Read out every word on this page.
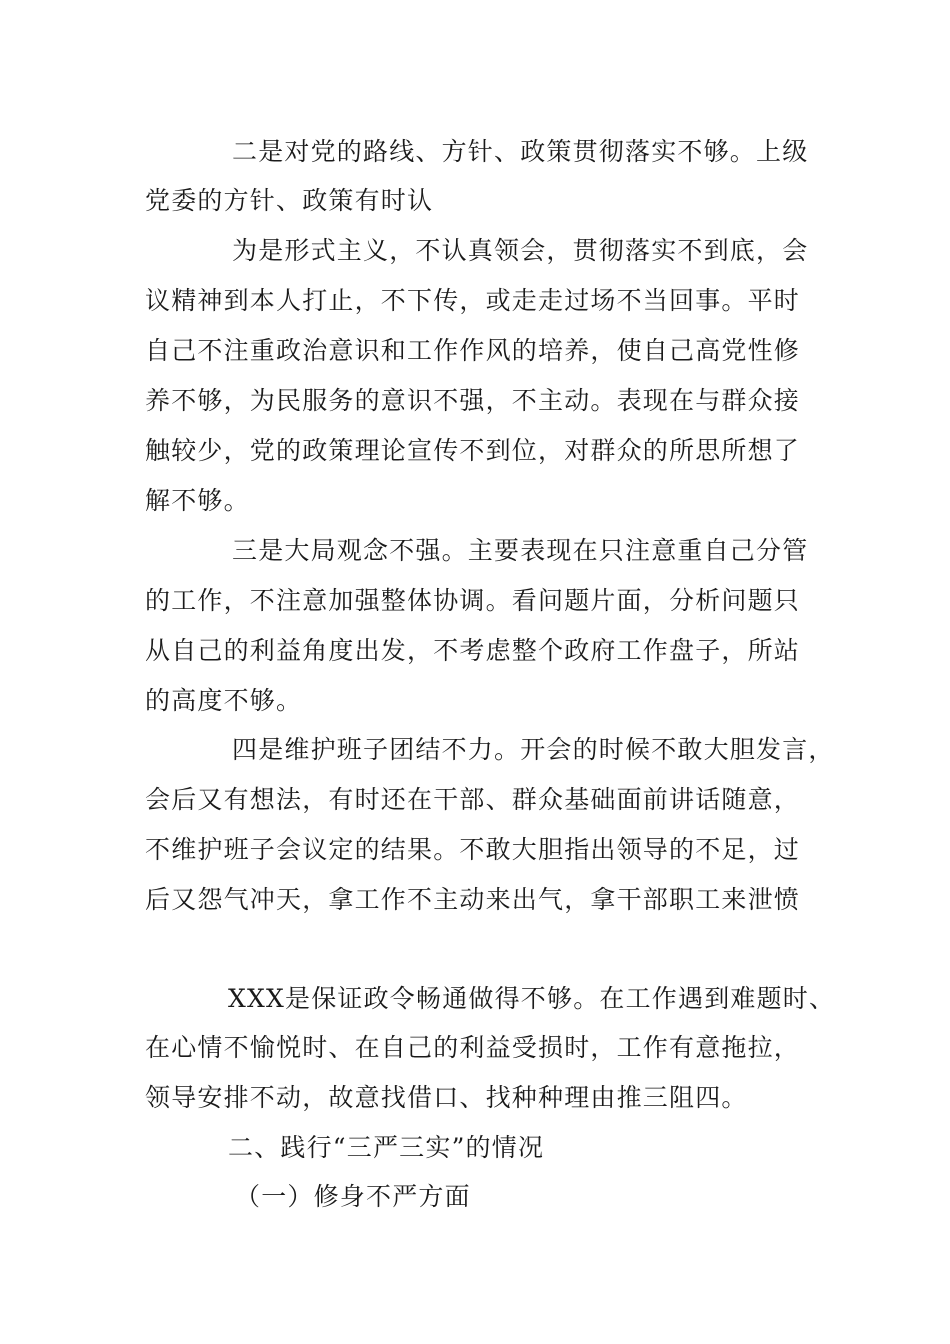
二是对党的路线、方针、政策贯彻落实不够。上级
党委的方针、政策有时认
为是形式主义，不认真领会，贯彻落实不到底，会
议精神到本人打止，不下传，或走走过场不当回事。平时
自己不注重政治意识和工作作风的培养，使自己高党性修
养不够，为民服务的意识不强，不主动。表现在与群众接
触较少，党的政策理论宣传不到位，对群众的所思所想了
解不够。
三是大局观念不强。主要表现在只注意重自己分管
的工作，不注意加强整体协调。看问题片面，分析问题只
从自己的利益角度出发，不考虑整个政府工作盘子，所站
的高度不够。
四是维护班子团结不力。开会的时候不敢大胆发言，
会后又有想法，有时还在干部、群众基础面前讲话随意，
不维护班子会议定的结果。不敢大胆指出领导的不足，过
后又怨气冲天，拿工作不主动来出气，拿干部职工来泄愤
XXX是保证政令畅通做得不够。在工作遇到难题时、
在心情不愉悦时、在自己的利益受损时，工作有意拖拉，
领导安排不动，故意找借口、找种种理由推三阻四。
二、践行“三严三实”的情况
（一）修身不严方面
